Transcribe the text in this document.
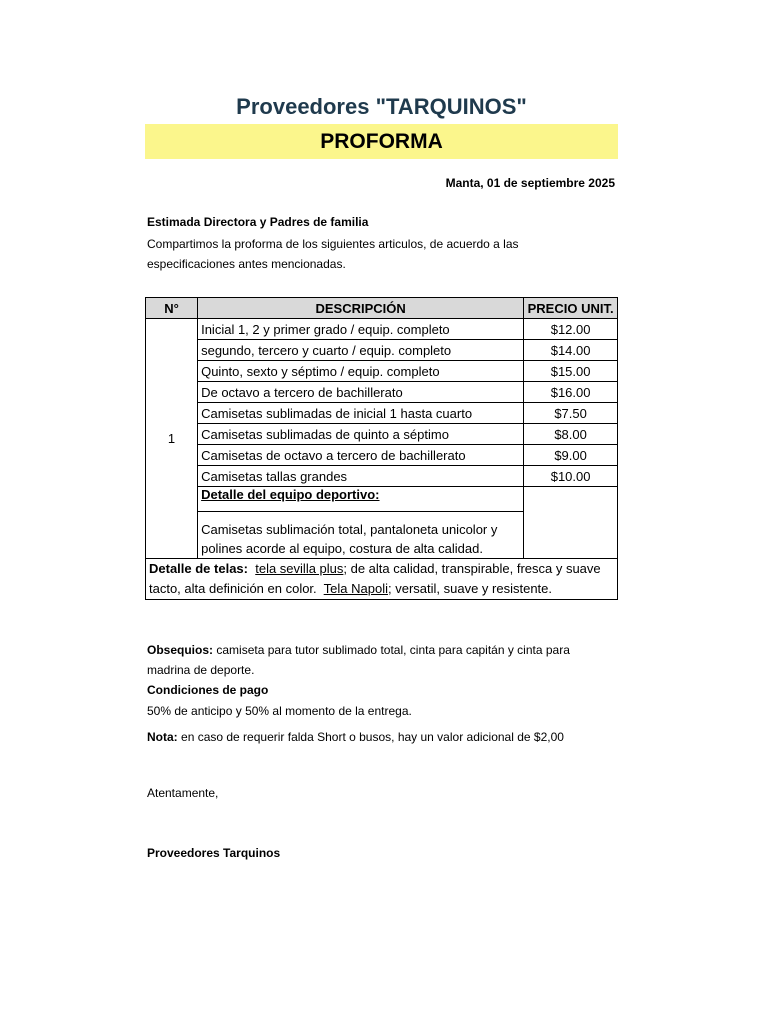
Proveedores "TARQUINOS"
PROFORMA
Manta, 01 de septiembre 2025
Estimada Directora y Padres de familia
Compartimos la proforma de los siguientes articulos, de acuerdo a las especificaciones antes mencionadas.
N°	DESCRIPCIÓN	PRECIO UNIT.
1	Inicial 1, 2 y primer grado / equip. completo	$12.00
	segundo, tercero y cuarto / equip. completo	$14.00
	Quinto, sexto y séptimo / equip. completo	$15.00
	De octavo a tercero de bachillerato	$16.00
	Camisetas sublimadas de inicial 1 hasta cuarto	$7.50
	Camisetas sublimadas de quinto a séptimo	$8.00
	Camisetas de octavo a tercero de bachillerato	$9.00
	Camisetas tallas grandes	$10.00
	Detalle del equipo deportivo:	
	Camisetas sublimación total, pantaloneta unicolor y polines acorde al equipo, costura de alta calidad.	
Detalle de telas: tela sevilla plus; de alta calidad, transpirable, fresca y suave tacto, alta definición en color. Tela Napoli; versatil, suave y resistente.		
Obsequios: camiseta para tutor sublimado total, cinta para capitán y cinta para madrina de deporte.
Condiciones de pago
50% de anticipo y 50% al momento de la entrega.
Nota: en caso de requerir falda Short o busos, hay un valor adicional de $2,00
Atentamente,
Proveedores Tarquinos
